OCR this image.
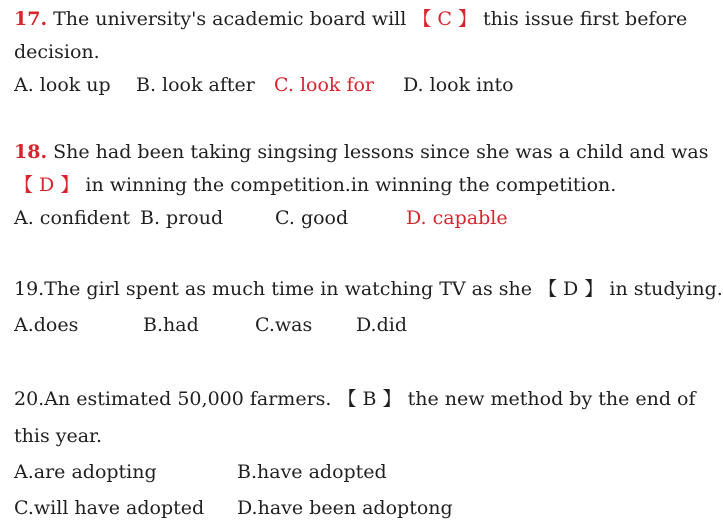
17. The university's academic board will 【 C 】 this issue first before
decision.
A. look up B. look after C. look for D. look into
18. She had been taking singsing lessons since she was a child and was
【 D 】 in winning the competition.in winning the competition.
A. confident B. proud	C. good	D. capable
19.The girl spent as much time in watching TV as she 【 D 】 in studying.
A.does	B.had	C.was D.did
20.An estimated 50,000 farmers. 【 B 】 the new method by the end of
this year.
A.are adopting	B.have adopted
C.will have adopted D.have been adoptong
